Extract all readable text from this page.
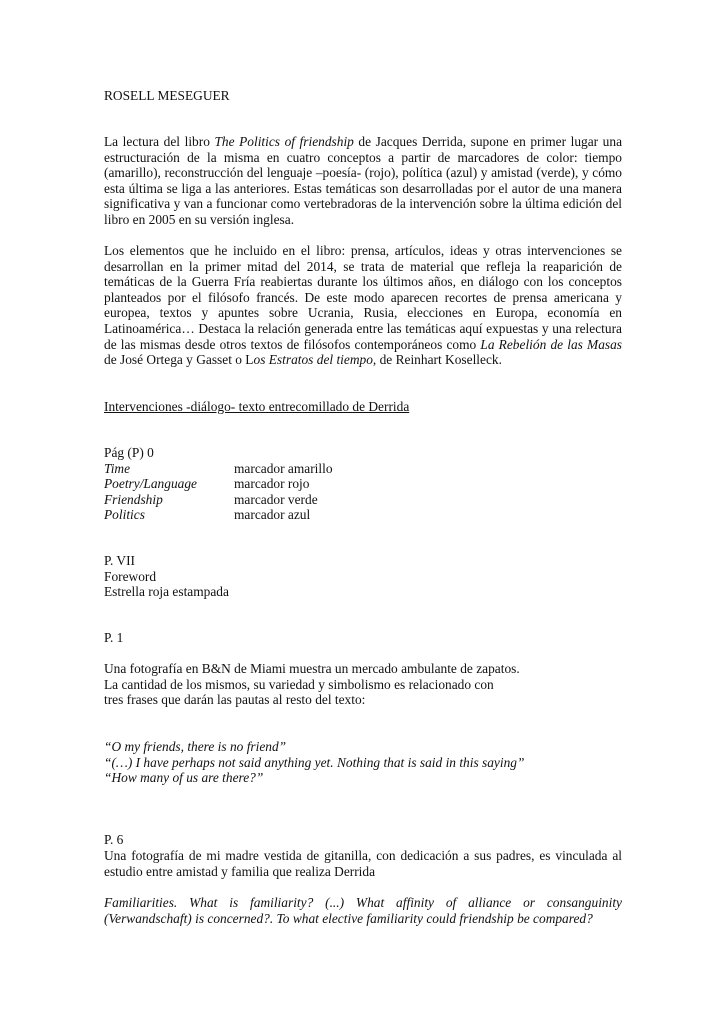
ROSELL MESEGUER

La lectura del libro The Politics of friendship de Jacques Derrida, supone en primer lugar una estructuración de la misma en cuatro conceptos a partir de marcadores de color: tiempo (amarillo), reconstrucción del lenguaje –poesía- (rojo), política (azul) y amistad (verde), y cómo esta última se liga a las anteriores. Estas temáticas son desarrolladas por el autor de una manera significativa y van a funcionar como vertebradoras de la intervención sobre la última edición del libro en 2005 en su versión inglesa.

Los elementos que he incluido en el libro: prensa, artículos, ideas y otras intervenciones se desarrollan en la primer mitad del 2014, se trata de material que refleja la reaparición de temáticas de la Guerra Fría reabiertas durante los últimos años, en diálogo con los conceptos planteados por el filósofo francés. De este modo aparecen recortes de prensa americana y europea, textos y apuntes sobre Ucrania, Rusia, elecciones en Europa, economía en Latinoamérica… Destaca la relación generada entre las temáticas aquí expuestas y una relectura de las mismas desde otros textos de filósofos contemporáneos como La Rebelión de las Masas de José Ortega y Gasset o Los Estratos del tiempo, de Reinhart Koselleck.

Intervenciones -diálogo- texto entrecomillado de Derrida

Pág (P) 0
Time	marcador amarillo
Poetry/Language	marcador rojo
Friendship	marcador verde
Politics	marcador azul
P. VII
Foreword
Estrella roja estampada
P. 1
Una fotografía en B&N de Miami muestra un mercado ambulante de zapatos.
La cantidad de los mismos, su variedad y simbolismo es relacionado con
tres frases que darán las pautas al resto del texto:
“O my friends, there is no friend”
“(…) I have perhaps not said anything yet. Nothing that is said in this saying”
“How many of us are there?”
P. 6

Una fotografía de mi madre vestida de gitanilla, con dedicación a sus padres, es vinculada al estudio entre amistad y familia que realiza Derrida

Familiarities. What is familiarity? (...) What affinity of alliance or consanguinity (Verwandschaft) is concerned?. To what elective familiarity could friendship be compared?
